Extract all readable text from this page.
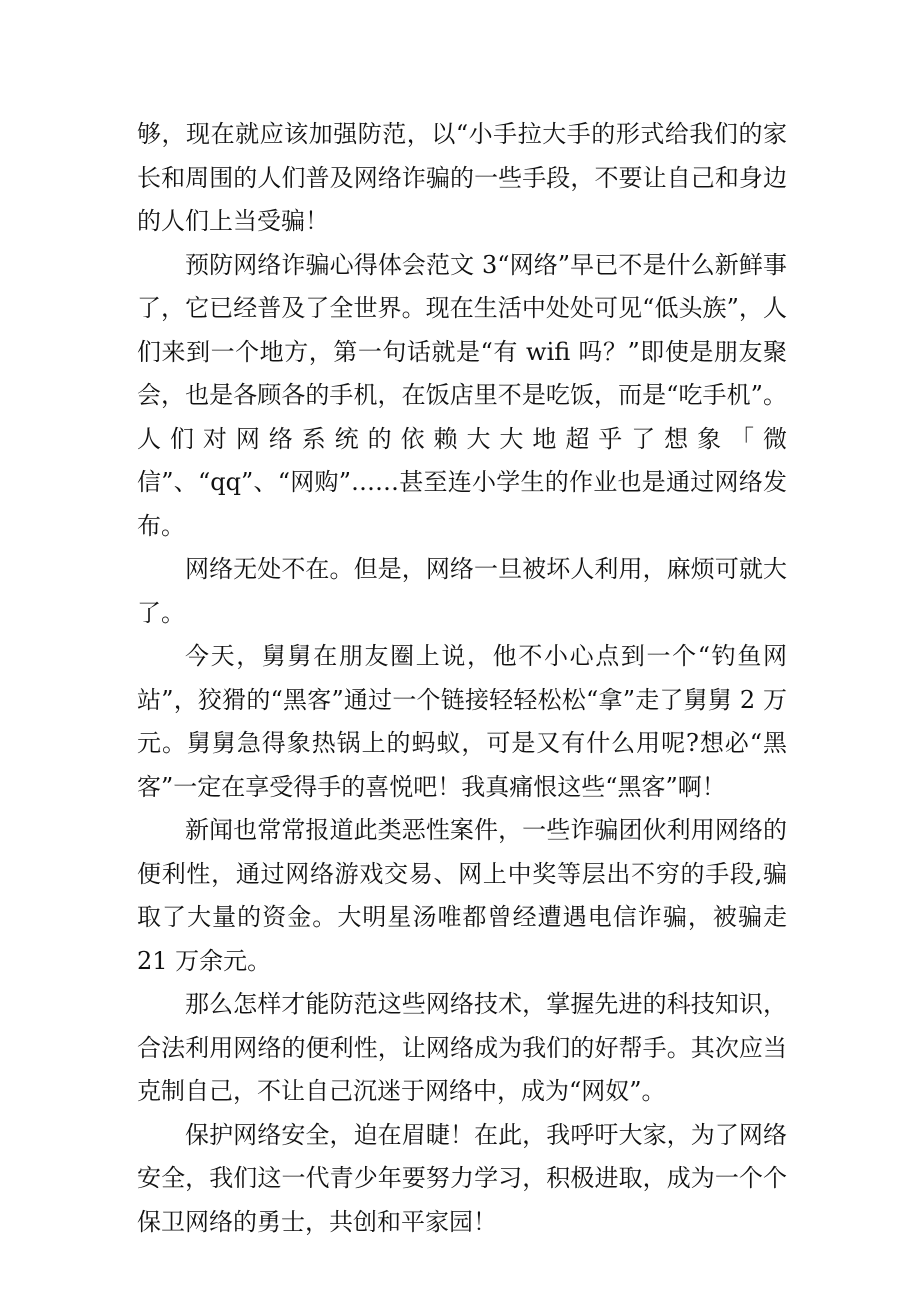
够，现在就应该加强防范，以“小手拉大手的形式给我们的家长和周围的人们普及网络诈骗的一些手段，不要让自己和身边的人们上当受骗！

预防网络诈骗心得体会范文 3“网络”早已不是什么新鲜事了，它已经普及了全世界。现在生活中处处可见“低头族”，人们来到一个地方，第一句话就是“有 wifi 吗？”即使是朋友聚会，也是各顾各的手机，在饭店里不是吃饭，而是“吃手机”。人们对网络系统的依赖大大地超乎了想象「微信”、“qq”、“网购”……甚至连小学生的作业也是通过网络发布。

网络无处不在。但是，网络一旦被坏人利用，麻烦可就大了。

今天，舅舅在朋友圈上说，他不小心点到一个“钓鱼网站”，狡猾的“黑客”通过一个链接轻轻松松“拿”走了舅舅 2 万元。舅舅急得象热锅上的蚂蚁，可是又有什么用呢?想必“黑客”一定在享受得手的喜悦吧！我真痛恨这些“黑客”啊！

新闻也常常报道此类恶性案件，一些诈骗团伙利用网络的便利性，通过网络游戏交易、网上中奖等层出不穷的手段,骗取了大量的资金。大明星汤唯都曾经遭遇电信诈骗，被骗走 21 万余元。

那么怎样才能防范这些网络技术，掌握先进的科技知识，合法利用网络的便利性，让网络成为我们的好帮手。其次应当克制自己，不让自己沉迷于网络中，成为“网奴”。

保护网络安全，迫在眉睫！在此，我呼吁大家，为了网络安全，我们这一代青少年要努力学习，积极进取，成为一个个保卫网络的勇士，共创和平家园！
